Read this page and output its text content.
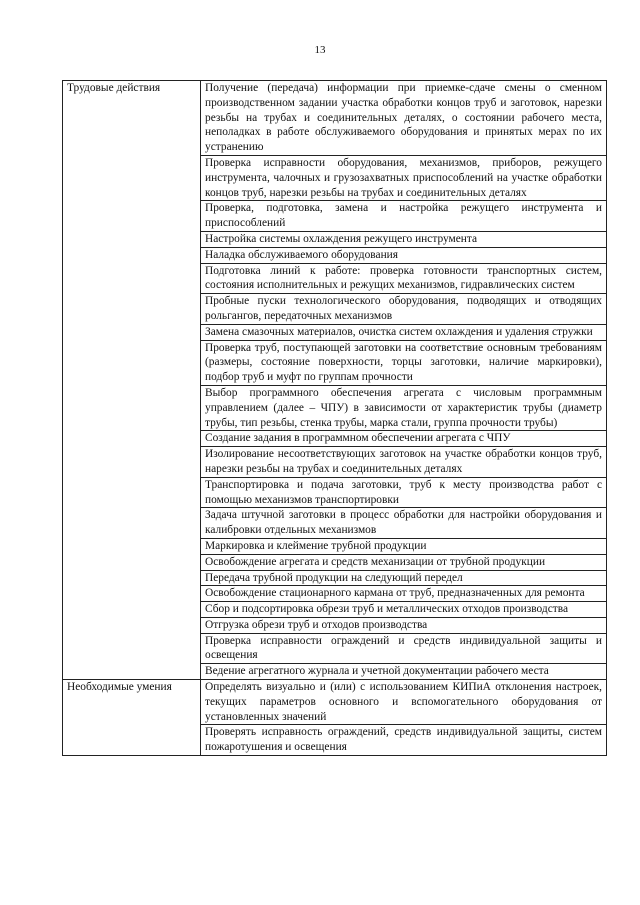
13
Трудовые действия	Получение (передача) информации при приемке-сдаче смены о сменном производственном задании участка обработки концов труб и заготовок, нарезки резьбы на трубах и соединительных деталях, о состоянии рабочего места, неполадках в работе обслуживаемого оборудования и принятых мерах по их устранению
	Проверка исправности оборудования, механизмов, приборов, режущего инструмента, чалочных и грузозахватных приспособлений на участке обработки концов труб, нарезки резьбы на трубах и соединительных деталях
	Проверка, подготовка, замена и настройка режущего инструмента и приспособлений
	Настройка системы охлаждения режущего инструмента
	Наладка обслуживаемого оборудования
	Подготовка линий к работе: проверка готовности транспортных систем, состояния исполнительных и режущих механизмов, гидравлических систем
	Пробные пуски технологического оборудования, подводящих и отводящих рольгангов, передаточных механизмов
	Замена смазочных материалов, очистка систем охлаждения и удаления стружки
	Проверка труб, поступающей заготовки на соответствие основным требованиям (размеры, состояние поверхности, торцы заготовки, наличие маркировки), подбор труб и муфт по группам прочности
	Выбор программного обеспечения агрегата с числовым программным управлением (далее – ЧПУ) в зависимости от характеристик трубы (диаметр трубы, тип резьбы, стенка трубы, марка стали, группа прочности трубы)
	Создание задания в программном обеспечении агрегата с ЧПУ
	Изолирование несоответствующих заготовок на участке обработки концов труб, нарезки резьбы на трубах и соединительных деталях
	Транспортировка и подача заготовки, труб к месту производства работ с помощью механизмов транспортировки
	Задача штучной заготовки в процесс обработки для настройки оборудования и калибровки отдельных механизмов
	Маркировка и клеймение трубной продукции
	Освобождение агрегата и средств механизации от трубной продукции
	Передача трубной продукции на следующий передел
	Освобождение стационарного кармана от труб, предназначенных для ремонта
	Сбор и подсортировка обрези труб и металлических отходов производства
	Отгрузка обрези труб и отходов производства
	Проверка исправности ограждений и средств индивидуальной защиты и освещения
	Ведение агрегатного журнала и учетной документации рабочего места
Необходимые умения	Определять визуально и (или) с использованием КИПиА отклонения настроек, текущих параметров основного и вспомогательного оборудования от установленных значений
	Проверять исправность ограждений, средств индивидуальной защиты, систем пожаротушения и освещения
